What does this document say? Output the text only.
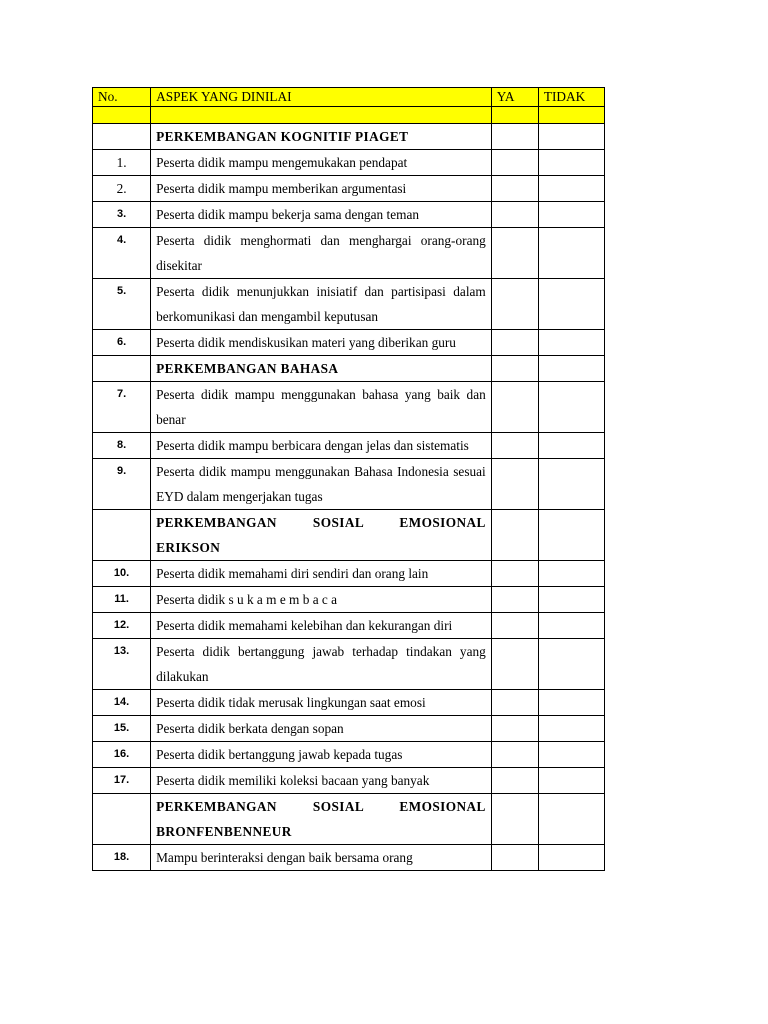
No.	ASPEK YANG DINILAI	YA	TIDAK

	PERKEMBANGAN KOGNITIF PIAGET		
1.	Peserta didik mampu mengemukakan pendapat		
2.	Peserta didik mampu memberikan argumentasi		
3.	Peserta didik mampu bekerja sama dengan teman		
4.	Peserta didik menghormati dan menghargai orang-orang disekitar		
5.	Peserta didik menunjukkan inisiatif dan partisipasi dalam berkomunikasi dan mengambil keputusan		
6.	Peserta didik mendiskusikan materi yang diberikan guru		
	PERKEMBANGAN BAHASA		
7.	Peserta didik mampu menggunakan bahasa yang baik dan benar		
8.	Peserta didik mampu berbicara dengan jelas dan sistematis		
9.	Peserta didik mampu menggunakan Bahasa Indonesia sesuai EYD dalam mengerjakan tugas		
	PERKEMBANGAN SOSIAL EMOSIONAL ERIKSON		
10.	Peserta didik memahami diri sendiri dan orang lain		
11.	Peserta didik s u k a m e m b a c a		
12.	Peserta didik memahami kelebihan dan kekurangan diri		
13.	Peserta didik bertanggung jawab terhadap tindakan yang dilakukan		
14.	Peserta didik tidak merusak lingkungan saat emosi		
15.	Peserta didik berkata dengan sopan		
16.	Peserta didik bertanggung jawab kepada tugas		
17.	Peserta didik memiliki koleksi bacaan yang banyak		
	PERKEMBANGAN SOSIAL EMOSIONAL BRONFENBENNEUR		
18.	Mampu berinteraksi dengan baik bersama orang		
